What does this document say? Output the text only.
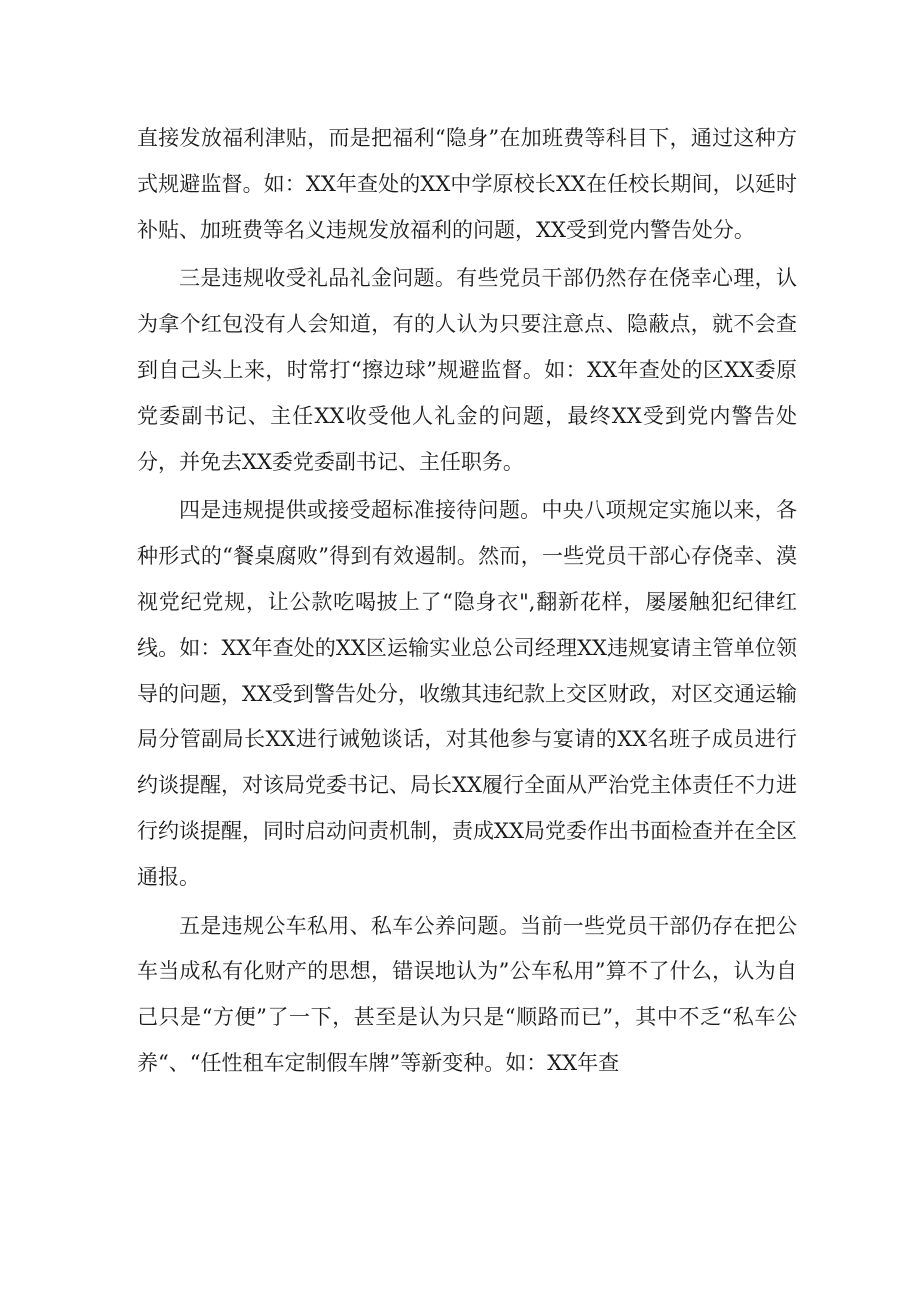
直接发放福利津贴，而是把福利“隐身”在加班费等科目下，通过这种方式规避监督。如：XX年查处的XX中学原校长XX在任校长期间，以延时补贴、加班费等名义违规发放福利的问题，XX受到党内警告处分。

三是违规收受礼品礼金问题。有些党员干部仍然存在侥幸心理，认为拿个红包没有人会知道，有的人认为只要注意点、隐蔽点，就不会查到自己头上来，时常打“擦边球”规避监督。如：XX年查处的区XX委原党委副书记、主任XX收受他人礼金的问题，最终XX受到党内警告处分，并免去XX委党委副书记、主任职务。

四是违规提供或接受超标准接待问题。中央八项规定实施以来，各种形式的“餐桌腐败”得到有效遏制。然而，一些党员干部心存侥幸、漠视党纪党规，让公款吃喝披上了“隐身衣",翻新花样，屡屡触犯纪律红线。如：XX年查处的XX区运输实业总公司经理XX违规宴请主管单位领导的问题，XX受到警告处分，收缴其违纪款上交区财政，对区交通运输局分管副局长XX进行诫勉谈话，对其他参与宴请的XX名班子成员进行约谈提醒，对该局党委书记、局长XX履行全面从严治党主体责任不力进行约谈提醒，同时启动问责机制，责成XX局党委作出书面检查并在全区通报。

五是违规公车私用、私车公养问题。当前一些党员干部仍存在把公车当成私有化财产的思想，错误地认为”公车私用”算不了什么，认为自己只是“方便”了一下，甚至是认为只是“顺路而已”，其中不乏“私车公养“、“任性租车定制假车牌”等新变种。如：XX年查
